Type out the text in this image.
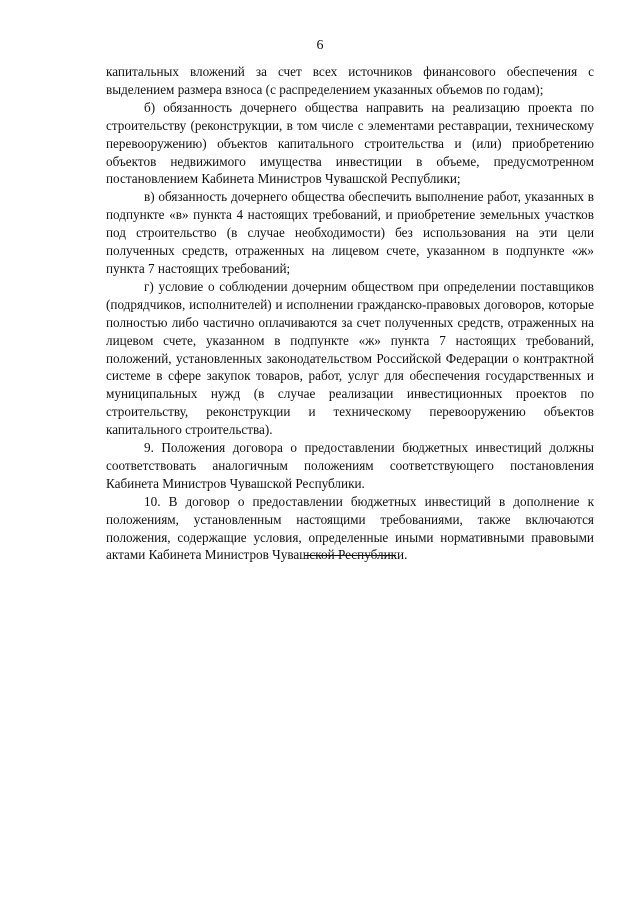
6

капитальных вложений за счет всех источников финансового обеспечения с выделением размера взноса (с распределением указанных объемов по годам);

б) обязанность дочернего общества направить на реализацию проекта по строительству (реконструкции, в том числе с элементами реставрации, техническому перевооружению) объектов капитального строительства и (или) приобретению объектов недвижимого имущества инвестиции в объеме, предусмотренном постановлением Кабинета Министров Чувашской Республики;

в) обязанность дочернего общества обеспечить выполнение работ, указанных в подпункте «в» пункта 4 настоящих требований, и приобретение земельных участков под строительство (в случае необходимости) без использования на эти цели полученных средств, отраженных на лицевом счете, указанном в подпункте «ж» пункта 7 настоящих требований;

г) условие о соблюдении дочерним обществом при определении поставщиков (подрядчиков, исполнителей) и исполнении гражданско-правовых договоров, которые полностью либо частично оплачиваются за счет полученных средств, отраженных на лицевом счете, указанном в подпункте «ж» пункта 7 настоящих требований, положений, установленных законодательством Российской Федерации о контрактной системе в сфере закупок товаров, работ, услуг для обеспечения государственных и муниципальных нужд (в случае реализации инвестиционных проектов по строительству, реконструкции и техническому перевооружению объектов капитального строительства).

9. Положения договора о предоставлении бюджетных инвестиций должны соответствовать аналогичным положениям соответствующего постановления Кабинета Министров Чувашской Республики.

10. В договор о предоставлении бюджетных инвестиций в дополнение к положениям, установленным настоящими требованиями, также включаются положения, содержащие условия, определенные иными нормативными правовыми актами Кабинета Министров Чувашской Республики.
